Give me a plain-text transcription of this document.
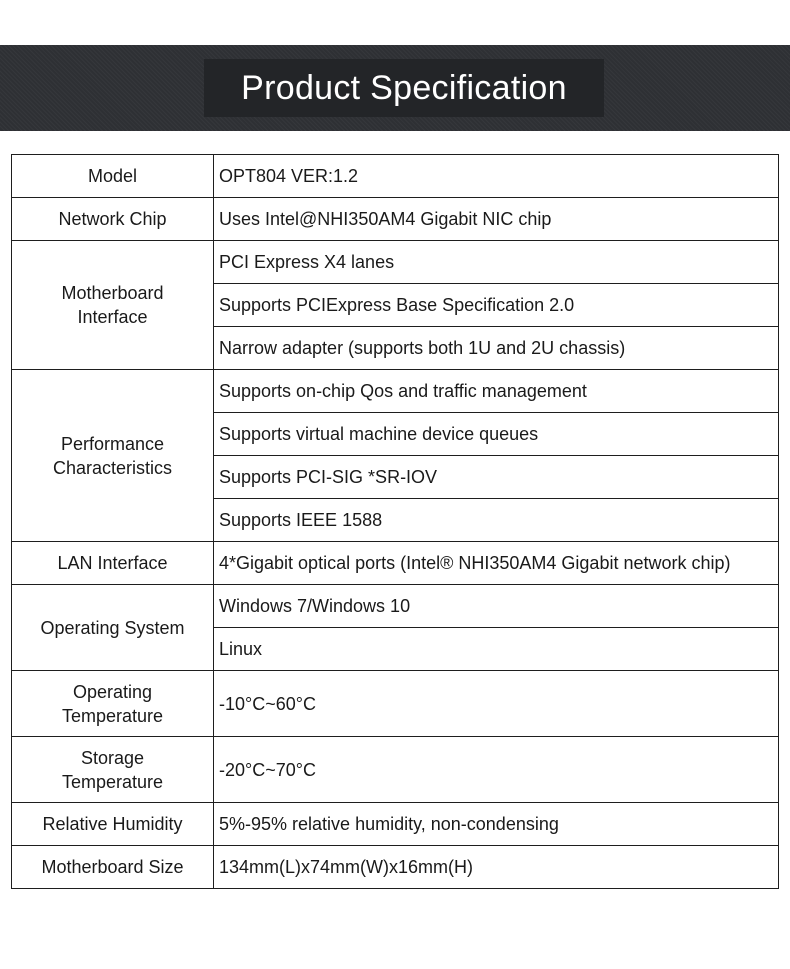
Product Specification
Model	OPT804 VER:1.2
Network Chip	Uses Intel@NHI350AM4 Gigabit NIC chip

Motherboard
Interface	PCI Express X4 lanes
	Supports PCIExpress Base Specification 2.0
	Narrow adapter (supports both 1U and 2U chassis)

Performance
Characteristics	Supports on-chip Qos and traffic management
	Supports virtual machine device queues
	Supports PCI-SIG *SR-IOV
	Supports IEEE 1588
LAN Interface	4*Gigabit optical ports (Intel® NHI350AM4 Gigabit network chip)
Operating System	Windows 7/Windows 10
	Linux

Operating
Temperature	-10°C~60°C

Storage
Temperature	-20°C~70°C
Relative Humidity	5%-95% relative humidity, non-condensing
Motherboard Size	134mm(L)x74mm(W)x16mm(H)
